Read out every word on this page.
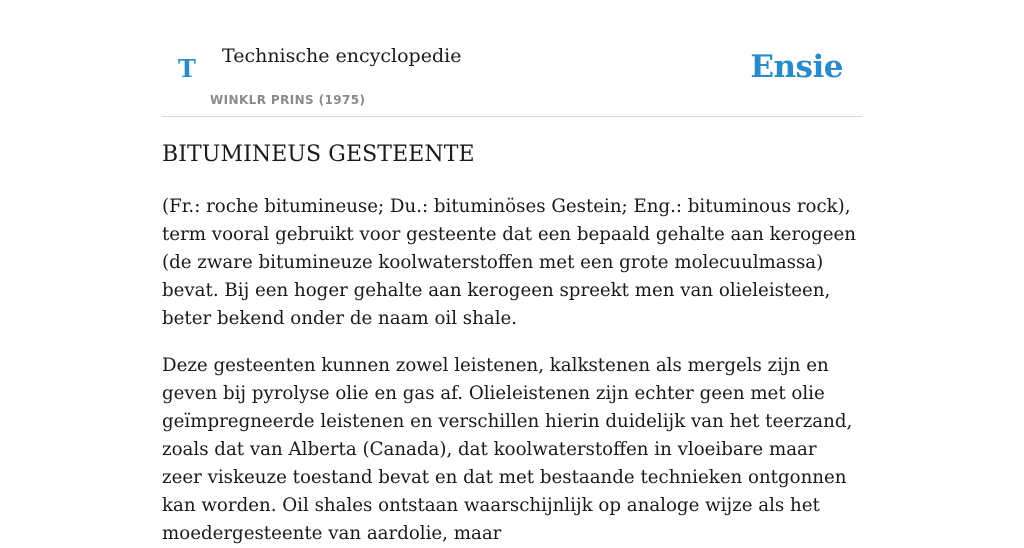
T Technische encyclopedie
WINKLR PRINS (1975)
Ensie
BITUMINEUS GESTEENTE

(Fr.: roche bitumineuse; Du.: bituminöses Gestein; Eng.: bituminous rock), term vooral gebruikt voor gesteente dat een bepaald gehalte aan kerogeen (de zware bitumineuze koolwaterstoffen met een grote molecuulmassa) bevat. Bij een hoger gehalte aan kerogeen spreekt men van olieleisteen, beter bekend onder de naam oil shale.

Deze gesteenten kunnen zowel leistenen, kalkstenen als mergels zijn en geven bij pyrolyse olie en gas af. Olieleistenen zijn echter geen met olie geïmpregneerde leistenen en verschillen hierin duidelijk van het teerzand, zoals dat van Alberta (Canada), dat koolwaterstoffen in vloeibare maar zeer viskeuze toestand bevat en dat met bestaande technieken ontgonnen kan worden. Oil shales ontstaan waarschijnlijk op analoge wijze als het moedergesteente van aardolie, maar
